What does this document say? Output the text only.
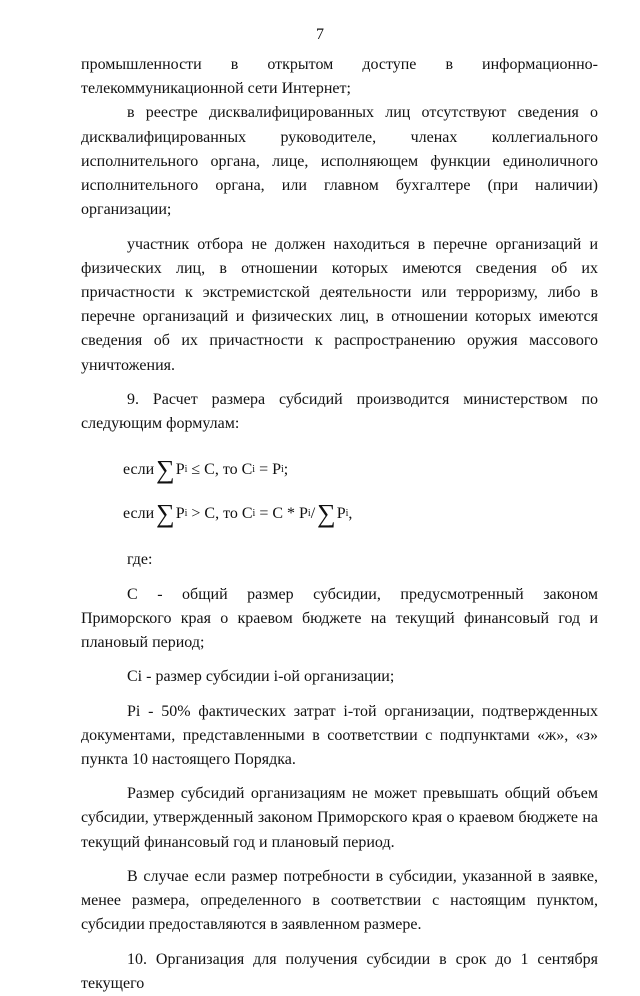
7

промышленности в открытом доступе в информационно-телекоммуникационной сети Интернет;

в реестре дисквалифицированных лиц отсутствуют сведения о дисквалифицированных руководителе, членах коллегиального исполнительного органа, лице, исполняющем функции единоличного исполнительного органа, или главном бухгалтере (при наличии) организации;

участник отбора не должен находиться в перечне организаций и физических лиц, в отношении которых имеются сведения об их причастности к экстремистской деятельности или терроризму, либо в перечне организаций и физических лиц, в отношении которых имеются сведения об их причастности к распространению оружия массового уничтожения.

9. Расчет размера субсидий производится министерством по следующим формулам:

если ∑ P i ≤ C, то C i = P i ;
если ∑ P i > C, то C i = C * P i / ∑ P i ,

где:

C - общий размер субсидии, предусмотренный законом Приморского края о краевом бюджете на текущий финансовый год и плановый период;

Ci - размер субсидии i-ой организации;

Pi - 50% фактических затрат i-той организации, подтвержденных документами, представленными в соответствии с подпунктами «ж», «з» пункта 10 настоящего Порядка.

Размер субсидий организациям не может превышать общий объем субсидии, утвержденный законом Приморского края о краевом бюджете на текущий финансовый год и плановый период.

В случае если размер потребности в субсидии, указанной в заявке, менее размера, определенного в соответствии с настоящим пунктом, субсидии предоставляются в заявленном размере.

10. Организация для получения субсидии в срок до 1 сентября текущего
